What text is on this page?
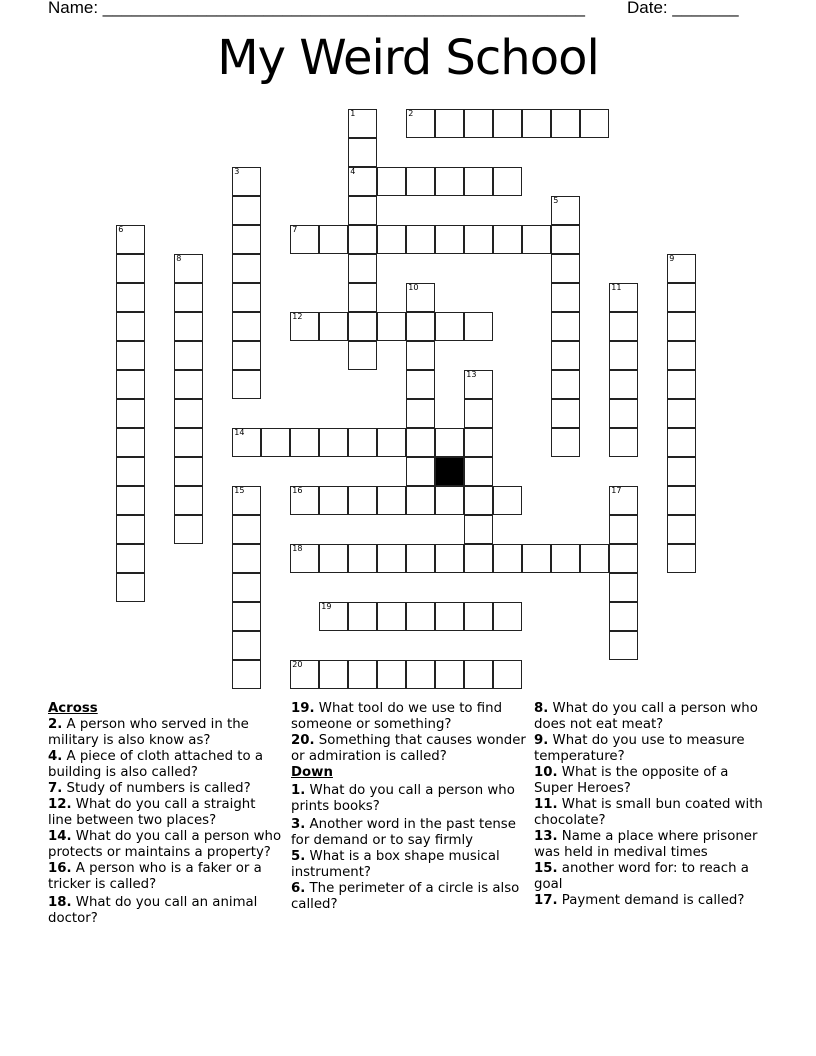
Name: ___________________________________________________ Date: _______
My Weird School
1
4
2
3
5
6	7
8	9
10	11
12
13
14
15	16	17
18
19
20
Across
2. A person who served in the military is also know as?
4. A piece of cloth attached to a building is also called?
7. Study of numbers is called?
12. What do you call a straight line between two places?
14. What do you call a person who protects or maintains a property?
16. A person who is a faker or a tricker is called?
18. What do you call an animal doctor?
19. What tool do we use to find someone or something?
20. Something that causes wonder or admiration is called?
Down
1. What do you call a person who prints books?
3. Another word in the past tense for demand or to say firmly
5. What is a box shape musical instrument?
6. The perimeter of a circle is also called?
8. What do you call a person who does not eat meat?
9. What do you use to measure temperature?
10. What is the opposite of a Super Heroes?
11. What is small bun coated with chocolate?
13. Name a place where prisoner was held in medival times
15. another word for: to reach a goal
17. Payment demand is called?
